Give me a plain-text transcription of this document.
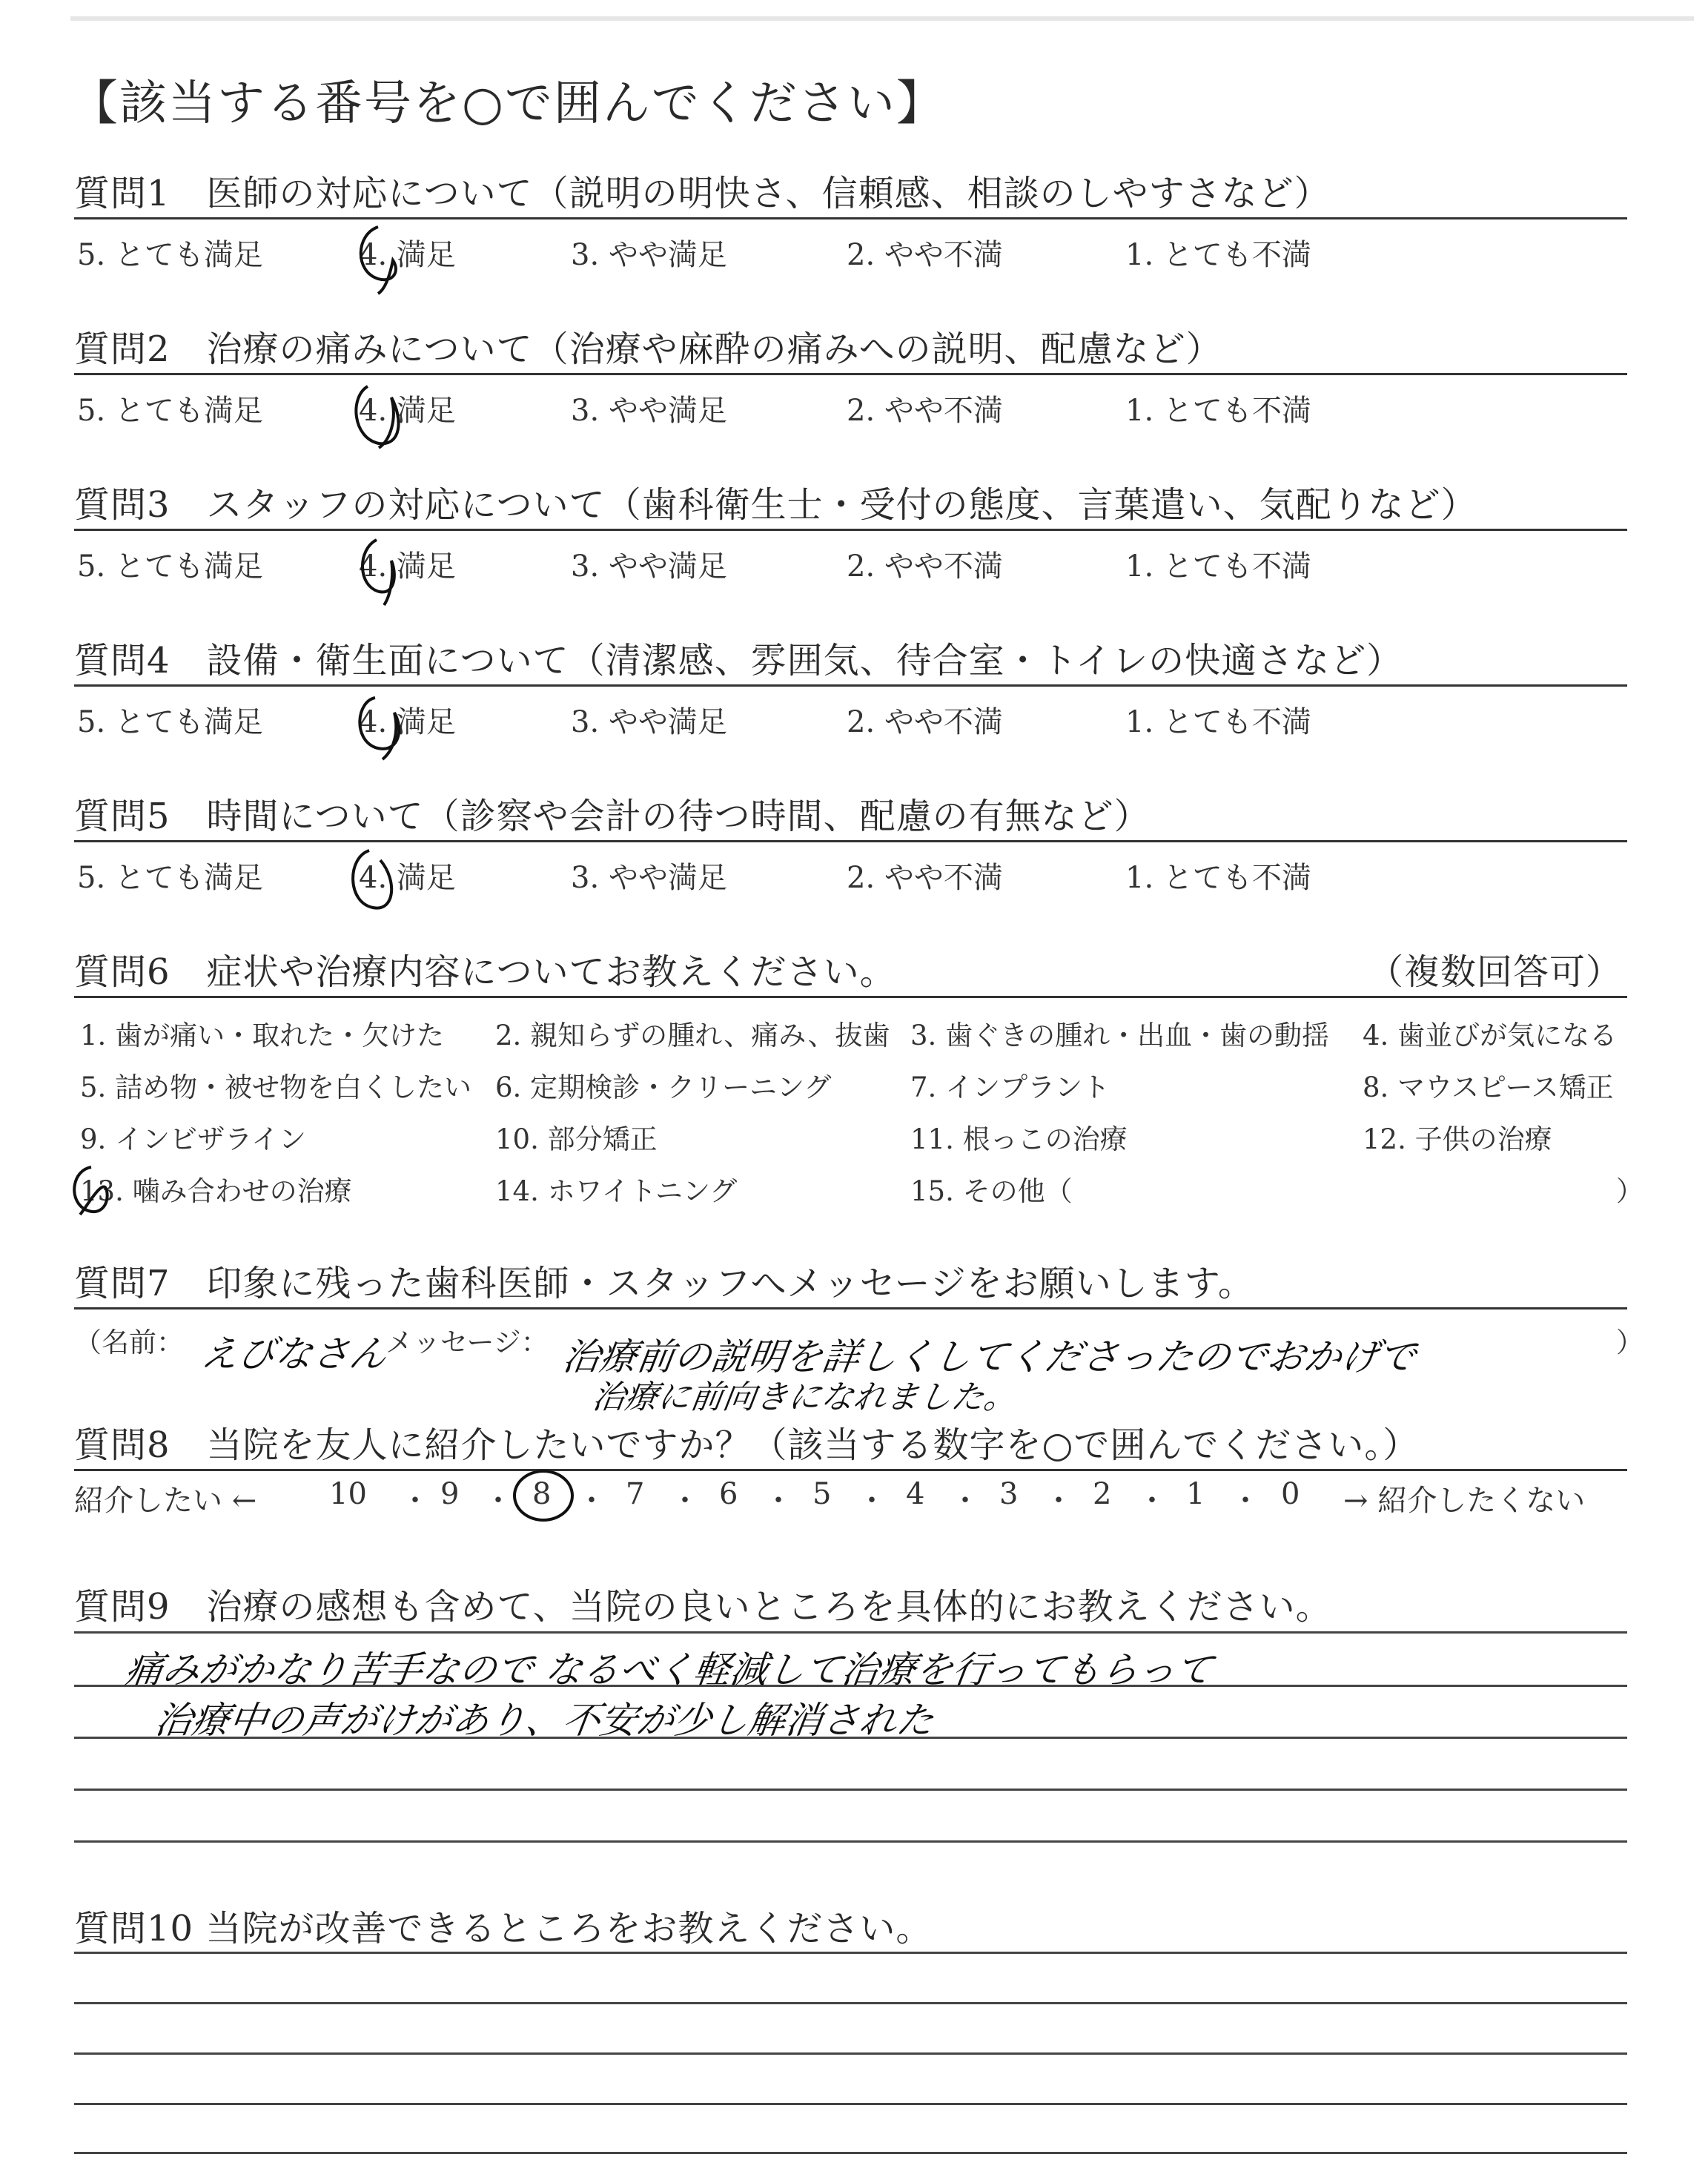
【該当する番号を○で囲んでください】
質問1　医師の対応について（説明の明快さ、信頼感、相談のしやすさなど）
5. とても満足	4. 満足	3. やや満足	2. やや不満	1. とても不満
質問2　治療の痛みについて（治療や麻酔の痛みへの説明、配慮など）
5. とても満足	4. 満足	3. やや満足	2. やや不満	1. とても不満
質問3　スタッフの対応について（歯科衛生士・受付の態度、言葉遣い、気配りなど）
5. とても満足	4. 満足	3. やや満足	2. やや不満	1. とても不満
質問4　設備・衛生面について（清潔感、雰囲気、待合室・トイレの快適さなど）
5. とても満足	4. 満足	3. やや満足	2. やや不満	1. とても不満
質問5　時間について（診察や会計の待つ時間、配慮の有無など）
5. とても満足	4. 満足	3. やや満足	2. やや不満	1. とても不満
質問6　症状や治療内容についてお教えください。	（複数回答可）
1. 歯が痛い・取れた・欠けた 2. 親知らずの腫れ、痛み、抜歯 3. 歯ぐきの腫れ・出血・歯の動揺 4. 歯並びが気になる
5. 詰め物・被せ物を白くしたい 6. 定期検診・クリーニング	7. インプラント	8. マウスピース矯正
9. インビザライン	10. 部分矯正	11. 根っこの治療	12. 子供の治療
13. 噛み合わせの治療	14. ホワイトニング	15. その他（	）
質問7　印象に残った歯科医師・スタッフへメッセージをお願いします。
（名前： えびなさん
メッセージ：	）
治療前の説明を詳しくしてくださったのでおかげで
治療に前向きになれました。
質問8　当院を友人に紹介したいですか？（該当する数字を○で囲んでください。）
紹介したい ←	→ 紹介したくない
10 ・ 9 ・ 8 ・ 7 ・ 6 ・ 5 ・ 4 ・ 3 ・ 2 ・ 1 ・ 0
質問9　治療の感想も含めて、当院の良いところを具体的にお教えください。
痛みがかなり苦手なので なるべく軽減して治療を行ってもらって
治療中の声がけがあり、不安が少し解消された
質問10 当院が改善できるところをお教えください。
